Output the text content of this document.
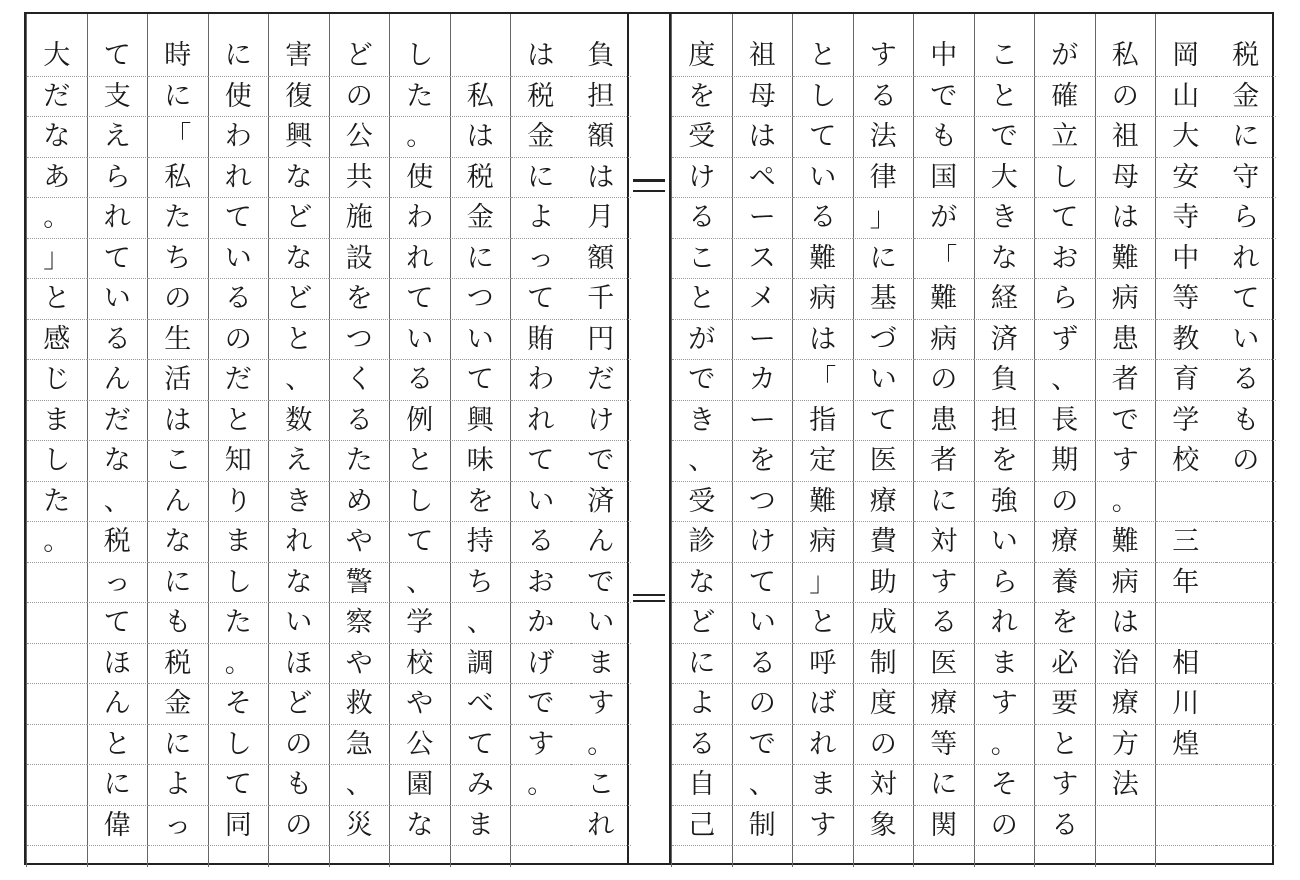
税
金
に
守
ら
れ
て
い
る
も
の
岡
山
大
安
寺
中
等
教
育
学
校

三
年

相
川
煌
私
の
祖
母
は
難
病
患
者
で
す
。
難
病
は
治
療
方
法
が
確
立
し
て
お
ら
ず
、
長
期
の
療
養
を
必
要
と
す
る
こ
と
で
大
き
な
経
済
負
担
を
強
い
ら
れ
ま
す
。
そ
の
中
で
も
国
が
「
難
病
の
患
者
に
対
す
る
医
療
等
に
関
す
る
法
律
」
に
基
づ
い
て
医
療
費
助
成
制
度
の
対
象
と
し
て
い
る
難
病
は
「
指
定
難
病
」
と
呼
ば
れ
ま
す
祖
母
は
ペ
ー
ス
メ
ー
カ
ー
を
つ
け
て
い
る
の
で
、
制
度
を
受
け
る
こ
と
が
で
き
、
受
診
な
ど
に
よ
る
自
己
負
担
額
は
月
額
千
円
だ
け
で
済
ん
で
い
ま
す
。
こ
れ
は
税
金
に
よ
っ
て
賄
わ
れ
て
い
る
お
か
げ
で
す
。

私
は
税
金
に
つ
い
て
興
味
を
持
ち
、
調
べ
て
み
ま
し
た
。
使
わ
れ
て
い
る
例
と
し
て
、
学
校
や
公
園
な
ど
の
公
共
施
設
を
つ
く
る
た
め
や
警
察
や
救
急
、
災
害
復
興
な
ど
な
ど
と
、
数
え
き
れ
な
い
ほ
ど
の
も
の
に
使
わ
れ
て
い
る
の
だ
と
知
り
ま
し
た
。
そ
し
て
同
時
に
「
私
た
ち
の
生
活
は
こ
ん
な
に
も
税
金
に
よ
っ
て
支
え
ら
れ
て
い
る
ん
だ
な
、
税
っ
て
ほ
ん
と
に
偉
大
だ
な
あ
。
」
と
感
じ
ま
し
た
。
